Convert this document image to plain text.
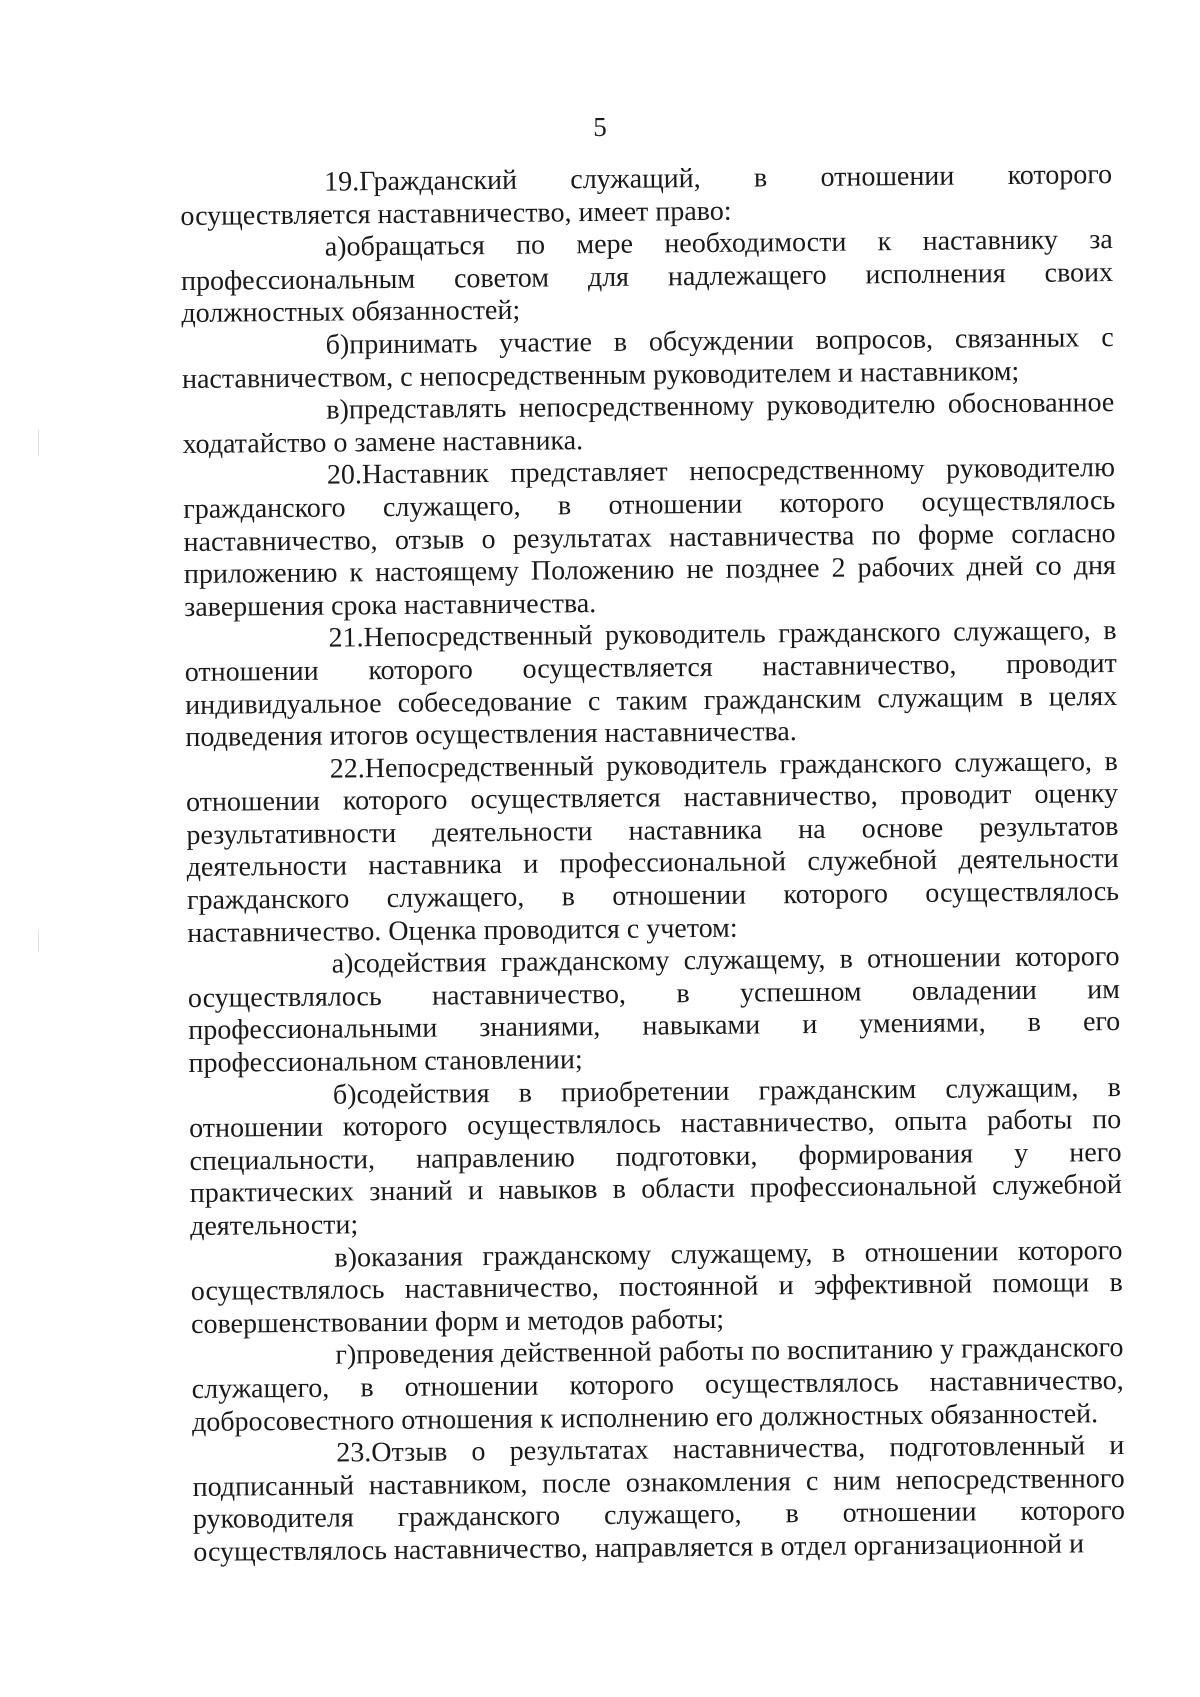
5

19.Гражданский служащий, в отношении которого осуществляется наставничество, имеет право:

а)обращаться по мере необходимости к наставнику за профессиональным советом для надлежащего исполнения своих должностных обязанностей;

б)принимать участие в обсуждении вопросов, связанных с наставничеством, с непосредственным руководителем и наставником;

в)представлять непосредственному руководителю обоснованное ходатайство о замене наставника.

20.Наставник представляет непосредственному руководителю гражданского служащего, в отношении которого осуществлялось наставничество, отзыв о результатах наставничества по форме согласно приложению к настоящему Положению не позднее 2 рабочих дней со дня завершения срока наставничества.

21.Непосредственный руководитель гражданского служащего, в отношении которого осуществляется наставничество, проводит индивидуальное собеседование с таким гражданским служащим в целях подведения итогов осуществления наставничества.

22.Непосредственный руководитель гражданского служащего, в отношении которого осуществляется наставничество, проводит оценку результативности деятельности наставника на основе результатов деятельности наставника и профессиональной служебной деятельности гражданского служащего, в отношении которого осуществлялось наставничество. Оценка проводится с учетом:

а)содействия гражданскому служащему, в отношении которого осуществлялось наставничество, в успешном овладении им профессиональными знаниями, навыками и умениями, в его профессиональном становлении;

б)содействия в приобретении гражданским служащим, в отношении которого осуществлялось наставничество, опыта работы по специальности, направлению подготовки, формирования у него практических знаний и навыков в области профессиональной служебной деятельности;

в)оказания гражданскому служащему, в отношении которого осуществлялось наставничество, постоянной и эффективной помощи в совершенствовании форм и методов работы;

г)проведения действенной работы по воспитанию у гражданского служащего, в отношении которого осуществлялось наставничество, добросовестного отношения к исполнению его должностных обязанностей.

23.Отзыв о результатах наставничества, подготовленный и подписанный наставником, после ознакомления с ним непосредственного руководителя гражданского служащего, в отношении которого осуществлялось наставничество, направляется в отдел организационной и
